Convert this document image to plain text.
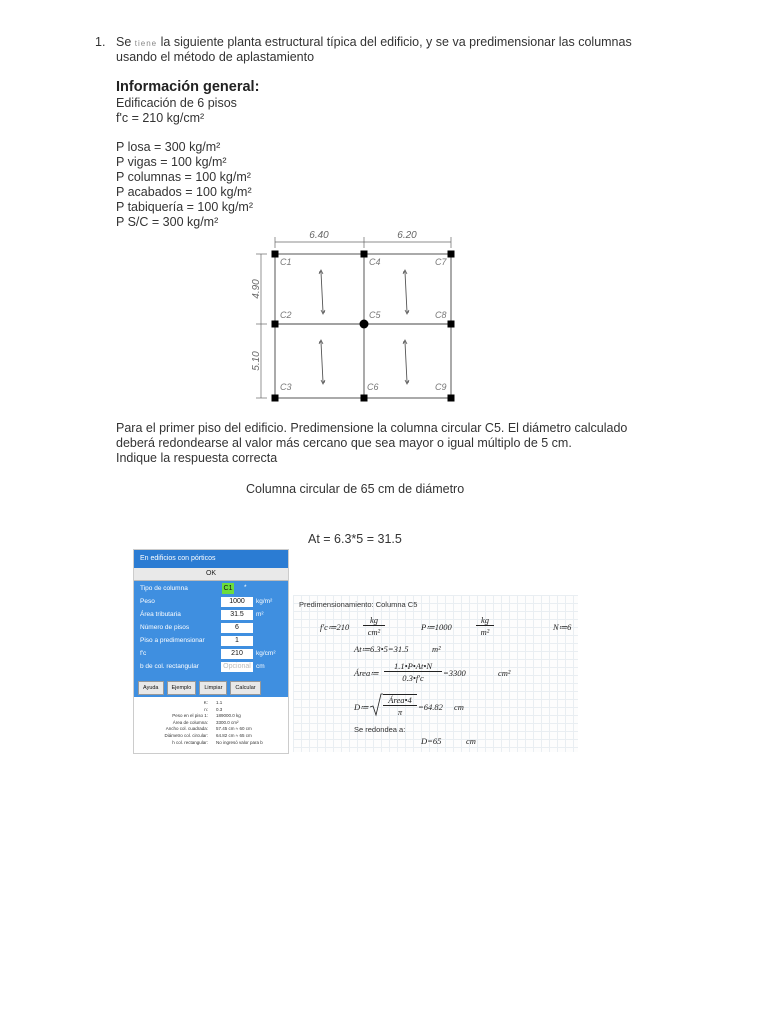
1. Se tiene la siguiente planta estructural típica del edificio, y se va predimensionar las columnas
usando el método de aplastamiento
Información general:
Edificación de 6 pisos
f'c = 210 kg/cm²
P losa = 300 kg/m²
P vigas = 100 kg/m²
P columnas = 100 kg/m²
P acabados = 100 kg/m²
P tabiquería = 100 kg/m²
P S/C = 300 kg/m²
6.40	6.20
4.90
5.10
C1	C4	C7
C2	C5	C8
C3	C6	C9
Para el primer piso del edificio. Predimensione la columna circular C5. El diámetro calculado
deberá redondearse al valor más cercano que sea mayor o igual múltiplo de 5 cm.
Indique la respuesta correcta
Columna circular de 65 cm de diámetro
At = 6.3*5 = 31.5
En edificios con pórticos
OK
Tipo de columna	C1 *
Peso	1000	kg/m²
Área tributaria	31.5	m²
Número de pisos	6
Piso a predimensionar	1
f'c	210	kg/cm²
b de col. rectangular	Opcional cm
Ayuda	Ejemplo	Limpiar	Calcular
K:	1.1
n:	0.3
Peso en el piso 1:	189000.0 kg
Área de columna:	3300.0 cm²
Ancho col. cuadrada:	57.45 cm ≈ 60 cm
Diámetro col. circular:	64.82 cm ≈ 65 cm
h col. rectangular:	No ingresó valor para b
Predimensionamiento: Columna C5
f'c≔210
kg
cm²	P≔1000
kg
m²	N≔6
At≔6.3•5=31.5	m²
Área≔
1.1•P•At•N
0.3•f'c	=3300	cm²
D≔
Área•4
π	=64.82 cm
Se redondea a:
D=65	cm
